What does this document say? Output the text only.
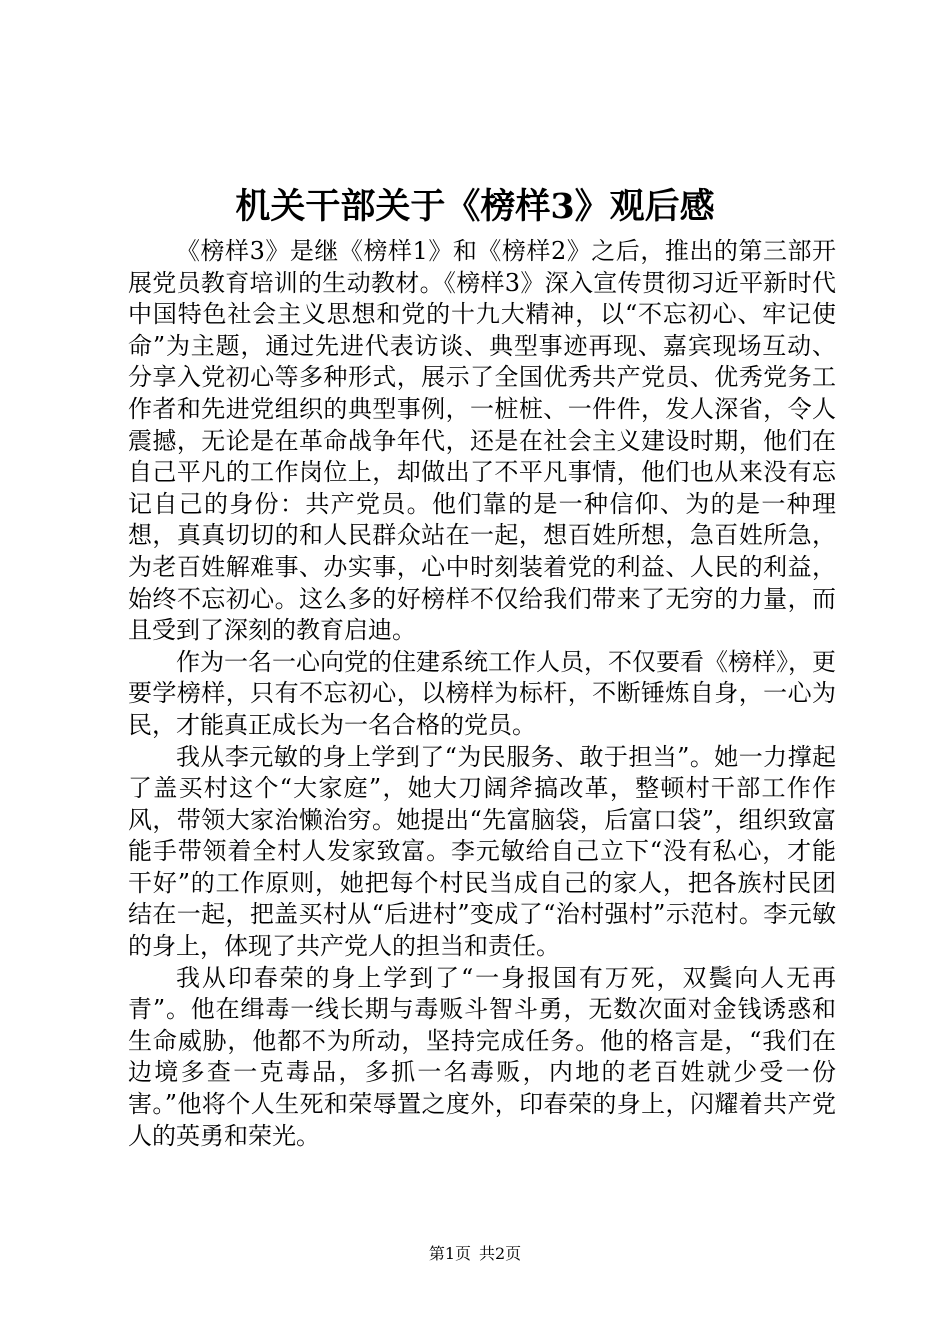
机关干部关于《榜样3》观后感

《榜样3》是继《榜样1》和《榜样2》之后，推出的第三部开展党员教育培训的生动教材。《榜样3》深入宣传贯彻习近平新时代中国特色社会主义思想和党的十九大精神，以“不忘初心、牢记使命”为主题，通过先进代表访谈、典型事迹再现、嘉宾现场互动、分享入党初心等多种形式，展示了全国优秀共产党员、优秀党务工作者和先进党组织的典型事例，一桩桩、一件件，发人深省，令人震撼，无论是在革命战争年代，还是在社会主义建设时期，他们在自己平凡的工作岗位上，却做出了不平凡事情，他们也从来没有忘记自己的身份：共产党员。他们靠的是一种信仰、为的是一种理想，真真切切的和人民群众站在一起，想百姓所想，急百姓所急，为老百姓解难事、办实事，心中时刻装着党的利益、人民的利益，始终不忘初心。这么多的好榜样不仅给我们带来了无穷的力量，而且受到了深刻的教育启迪。

作为一名一心向党的住建系统工作人员，不仅要看《榜样》，更要学榜样，只有不忘初心，以榜样为标杆，不断锤炼自身，一心为民，才能真正成长为一名合格的党员。

我从李元敏的身上学到了“为民服务、敢于担当”。她一力撑起了盖买村这个“大家庭”，她大刀阔斧搞改革，整顿村干部工作作风，带领大家治懒治穷。她提出“先富脑袋，后富口袋”，组织致富能手带领着全村人发家致富。李元敏给自己立下“没有私心，才能干好”的工作原则，她把每个村民当成自己的家人，把各族村民团结在一起，把盖买村从“后进村”变成了“治村强村”示范村。李元敏的身上，体现了共产党人的担当和责任。

我从印春荣的身上学到了“一身报国有万死，双鬓向人无再青”。他在缉毒一线长期与毒贩斗智斗勇，无数次面对金钱诱惑和生命威胁，他都不为所动，坚持完成任务。他的格言是，“我们在边境多查一克毒品，多抓一名毒贩，内地的老百姓就少受一份害。”他将个人生死和荣辱置之度外，印春荣的身上，闪耀着共产党人的英勇和荣光。

第1页 共2页
